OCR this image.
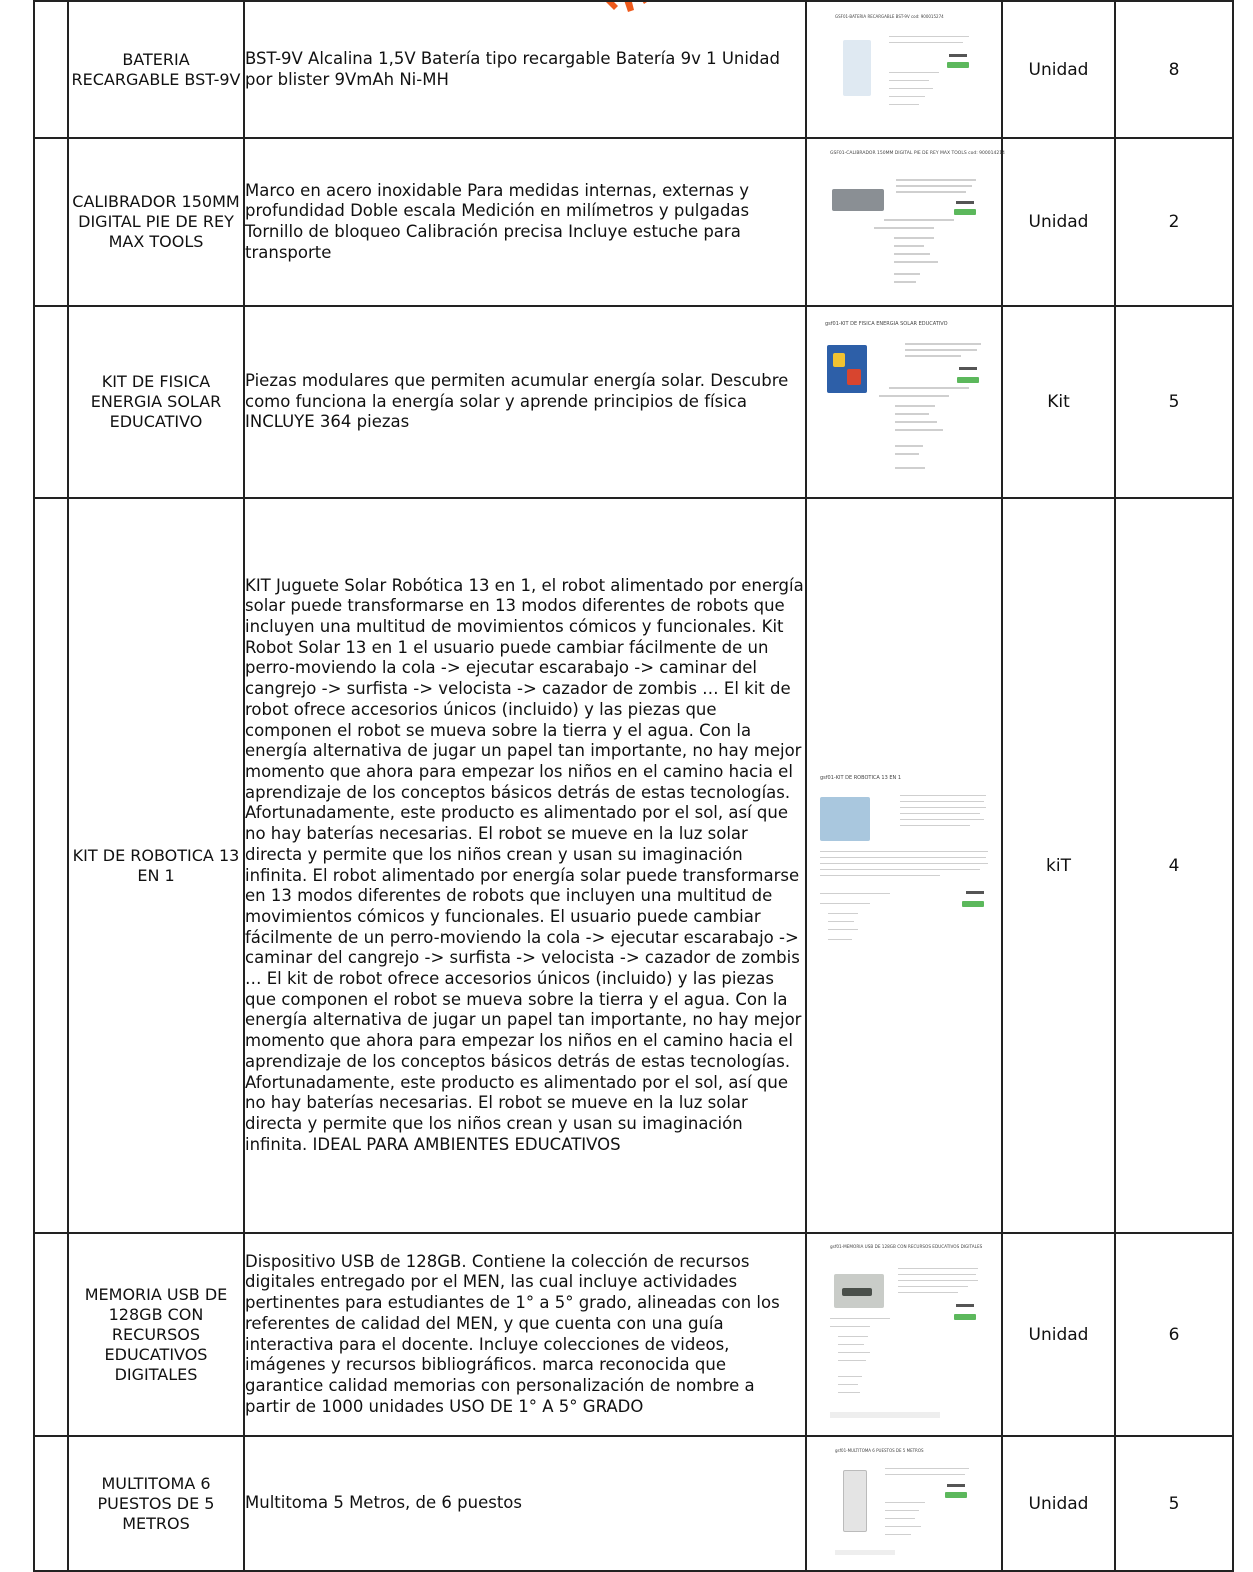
	BATERIA RECARGABLE BST-9V	BST-9V Alcalina 1,5V Batería tipo recargable Batería 9v 1 Unidad por blister 9VmAh Ni-MH	GSF01-BATERIA RECARGABLE BST-9V cod: 900015274	Unidad	8
	CALIBRADOR 150MM DIGITAL PIE DE REY MAX TOOLS	Marco en acero inoxidable Para medidas internas, externas y profundidad Doble escala Medición en milímetros y pulgadas Tornillo de bloqueo Calibración precisa Incluye estuche para transporte	GSF01-CALIBRADOR 150MM DIGITAL PIE DE REY MAX TOOLS cod: 900014214	Unidad	2
	KIT DE FISICA ENERGIA SOLAR EDUCATIVO	Piezas modulares que permiten acumular energía solar. Descubre como funciona la energía solar y aprende principios de física INCLUYE 364 piezas	gsf01-KIT DE FISICA ENERGIA SOLAR EDUCATIVO	Kit	5
	KIT DE ROBOTICA 13 EN 1	KIT Juguete Solar Robótica 13 en 1, el robot alimentado por energía solar puede transformarse en 13 modos diferentes de robots que incluyen una multitud de movimientos cómicos y funcionales. Kit Robot Solar 13 en 1 el usuario puede cambiar fácilmente de un perro-moviendo la cola -> ejecutar escarabajo -> caminar del cangrejo -> surfista -> velocista -> cazador de zombis … El kit de robot ofrece accesorios únicos (incluido) y las piezas que componen el robot se mueva sobre la tierra y el agua. Con la energía alternativa de jugar un papel tan importante, no hay mejor momento que ahora para empezar los niños en el camino hacia el aprendizaje de los conceptos básicos detrás de estas tecnologías. Afortunadamente, este producto es alimentado por el sol, así que no hay baterías necesarias. El robot se mueve en la luz solar directa y permite que los niños crean y usan su imaginación infinita. El robot alimentado por energía solar puede transformarse en 13 modos diferentes de robots que incluyen una multitud de movimientos cómicos y funcionales. El usuario puede cambiar fácilmente de un perro-moviendo la cola -> ejecutar escarabajo -> caminar del cangrejo -> surfista -> velocista -> cazador de zombis … El kit de robot ofrece accesorios únicos (incluido) y las piezas que componen el robot se mueva sobre la tierra y el agua. Con la energía alternativa de jugar un papel tan importante, no hay mejor momento que ahora para empezar los niños en el camino hacia el aprendizaje de los conceptos básicos detrás de estas tecnologías. Afortunadamente, este producto es alimentado por el sol, así que no hay baterías necesarias. El robot se mueve en la luz solar directa y permite que los niños crean y usan su imaginación infinita. IDEAL PARA AMBIENTES EDUCATIVOS	gsf01-KIT DE ROBOTICA 13 EN 1	kiT	4
	MEMORIA USB DE 128GB CON RECURSOS EDUCATIVOS DIGITALES	Dispositivo USB de 128GB. Contiene la colección de recursos digitales entregado por el MEN, las cual incluye actividades pertinentes para estudiantes de 1° a 5° grado, alineadas con los referentes de calidad del MEN, y que cuenta con una guía interactiva para el docente. Incluye colecciones de videos, imágenes y recursos bibliográficos. marca reconocida que garantice calidad memorias con personalización de nombre a partir de 1000 unidades USO DE 1° A 5° GRADO	gsf01-MEMORIA USB DE 128GB CON RECURSOS EDUCATIVOS DIGITALES	Unidad	6
	MULTITOMA 6 PUESTOS DE 5 METROS	Multitoma 5 Metros, de 6 puestos	gsf01-MULTITOMA 6 PUESTOS DE 5 METROS	Unidad	5
